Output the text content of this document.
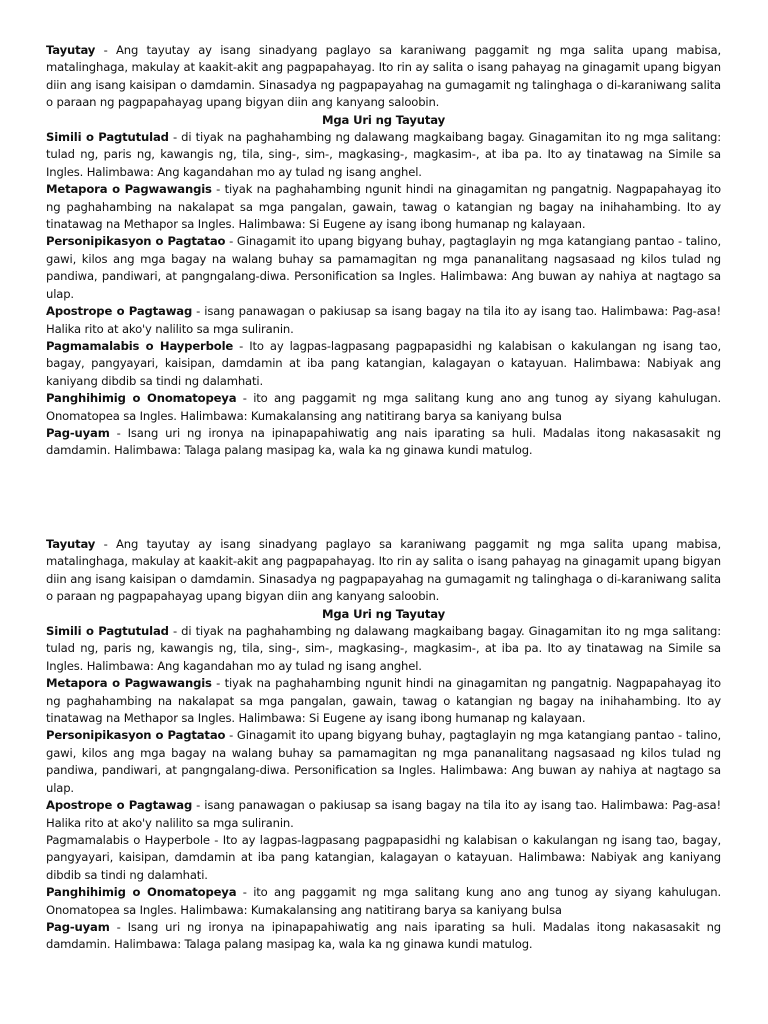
Tayutay - Ang tayutay ay isang sinadyang paglayo sa karaniwang paggamit ng mga salita upang mabisa, matalinghaga, makulay at kaakit-akit ang pagpapahayag. Ito rin ay salita o isang pahayag na ginagamit upang bigyan diin ang isang kaisipan o damdamin. Sinasadya ng pagpapayahag na gumagamit ng talinghaga o di-karaniwang salita o paraan ng pagpapahayag upang bigyan diin ang kanyang saloobin.

Mga Uri ng Tayutay

Simili o Pagtutulad - di tiyak na paghahambing ng dalawang magkaibang bagay. Ginagamitan ito ng mga salitang: tulad ng, paris ng, kawangis ng, tila, sing-, sim-, magkasing-, magkasim-, at iba pa. Ito ay tinatawag na Simile sa Ingles. Halimbawa: Ang kagandahan mo ay tulad ng isang anghel.

Metapora o Pagwawangis - tiyak na paghahambing ngunit hindi na ginagamitan ng pangatnig. Nagpapahayag ito ng paghahambing na nakalapat sa mga pangalan, gawain, tawag o katangian ng bagay na inihahambing. Ito ay tinatawag na Methapor sa Ingles. Halimbawa: Si Eugene ay isang ibong humanap ng kalayaan.

Personipikasyon o Pagtatao - Ginagamit ito upang bigyang buhay, pagtaglayin ng mga katangiang pantao - talino, gawi, kilos ang mga bagay na walang buhay sa pamamagitan ng mga pananalitang nagsasaad ng kilos tulad ng pandiwa, pandiwari, at pangngalang-diwa. Personification sa Ingles. Halimbawa: Ang buwan ay nahiya at nagtago sa ulap.

Apostrope o Pagtawag - isang panawagan o pakiusap sa isang bagay na tila ito ay isang tao. Halimbawa: Pag-asa! Halika rito at ako'y nalilito sa mga suliranin.

Pagmamalabis o Hayperbole - Ito ay lagpas-lagpasang pagpapasidhi ng kalabisan o kakulangan ng isang tao, bagay, pangyayari, kaisipan, damdamin at iba pang katangian, kalagayan o katayuan. Halimbawa: Nabiyak ang kaniyang dibdib sa tindi ng dalamhati.

Panghihimig o Onomatopeya - ito ang paggamit ng mga salitang kung ano ang tunog ay siyang kahulugan. Onomatopea sa Ingles. Halimbawa: Kumakalansing ang natitirang barya sa kaniyang bulsa

Pag-uyam - Isang uri ng ironya na ipinapapahiwatig ang nais iparating sa huli. Madalas itong nakasasakit ng damdamin. Halimbawa: Talaga palang masipag ka, wala ka ng ginawa kundi matulog.

Tayutay - Ang tayutay ay isang sinadyang paglayo sa karaniwang paggamit ng mga salita upang mabisa, matalinghaga, makulay at kaakit-akit ang pagpapahayag. Ito rin ay salita o isang pahayag na ginagamit upang bigyan diin ang isang kaisipan o damdamin. Sinasadya ng pagpapayahag na gumagamit ng talinghaga o di-karaniwang salita o paraan ng pagpapahayag upang bigyan diin ang kanyang saloobin.

Mga Uri ng Tayutay

Simili o Pagtutulad - di tiyak na paghahambing ng dalawang magkaibang bagay. Ginagamitan ito ng mga salitang: tulad ng, paris ng, kawangis ng, tila, sing-, sim-, magkasing-, magkasim-, at iba pa. Ito ay tinatawag na Simile sa Ingles. Halimbawa: Ang kagandahan mo ay tulad ng isang anghel.

Metapora o Pagwawangis - tiyak na paghahambing ngunit hindi na ginagamitan ng pangatnig. Nagpapahayag ito ng paghahambing na nakalapat sa mga pangalan, gawain, tawag o katangian ng bagay na inihahambing. Ito ay tinatawag na Methapor sa Ingles. Halimbawa: Si Eugene ay isang ibong humanap ng kalayaan.

Personipikasyon o Pagtatao - Ginagamit ito upang bigyang buhay, pagtaglayin ng mga katangiang pantao - talino, gawi, kilos ang mga bagay na walang buhay sa pamamagitan ng mga pananalitang nagsasaad ng kilos tulad ng pandiwa, pandiwari, at pangngalang-diwa. Personification sa Ingles. Halimbawa: Ang buwan ay nahiya at nagtago sa ulap.

Apostrope o Pagtawag - isang panawagan o pakiusap sa isang bagay na tila ito ay isang tao. Halimbawa: Pag-asa! Halika rito at ako'y nalilito sa mga suliranin.

Pagmamalabis o Hayperbole - Ito ay lagpas-lagpasang pagpapasidhi ng kalabisan o kakulangan ng isang tao, bagay, pangyayari, kaisipan, damdamin at iba pang katangian, kalagayan o katayuan. Halimbawa: Nabiyak ang kaniyang dibdib sa tindi ng dalamhati.

Panghihimig o Onomatopeya - ito ang paggamit ng mga salitang kung ano ang tunog ay siyang kahulugan. Onomatopea sa Ingles. Halimbawa: Kumakalansing ang natitirang barya sa kaniyang bulsa

Pag-uyam - Isang uri ng ironya na ipinapapahiwatig ang nais iparating sa huli. Madalas itong nakasasakit ng damdamin. Halimbawa: Talaga palang masipag ka, wala ka ng ginawa kundi matulog.
